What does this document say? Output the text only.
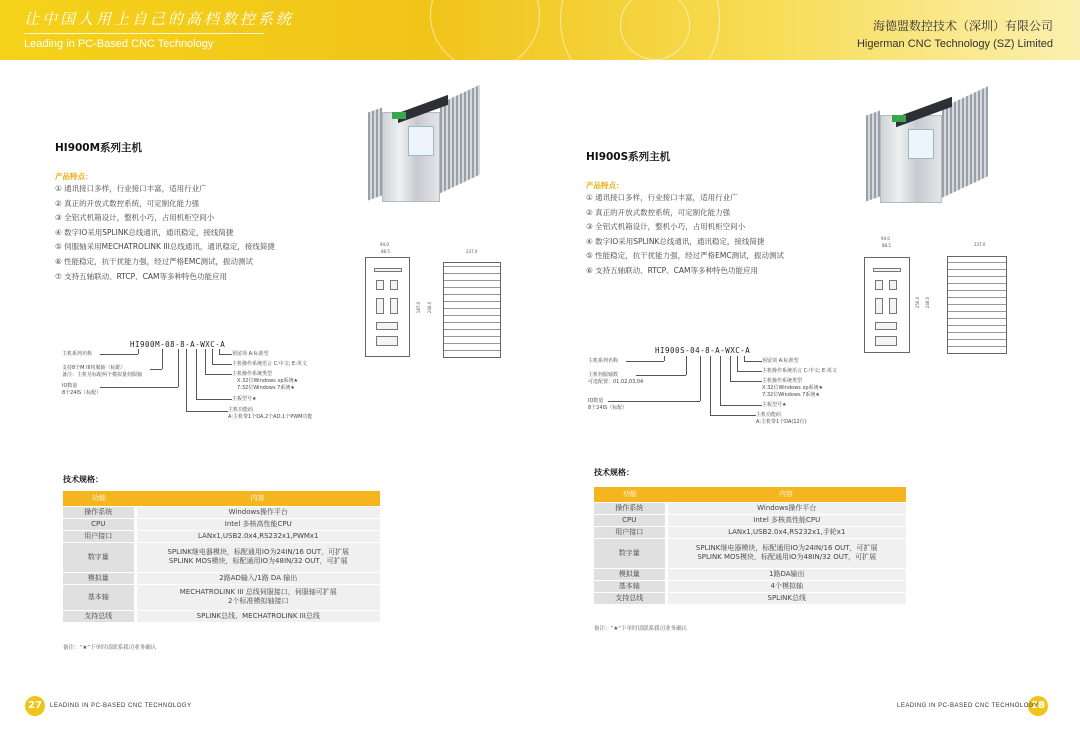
让中国人用上自己的高档数控系统
Leading in PC-Based CNC Technology
海德盟数控技术（深圳）有限公司
Higerman CNC Technology (SZ) Limited
HI900M系列主机
产品特点：
① 通讯接口多样，行业接口丰富，适用行业广
② 真正的开放式数控系统，可定制化能力强
③ 全铝式机箱设计，整机小巧，占用机柜空间小
④ 数字IO采用SPLINK总线通讯，通讯稳定，接线简捷
⑤ 伺服轴采用MECHATROLINK III总线通讯，通讯稳定，接线简捷
⑥ 性能稳定，抗干扰能力强，经过严格EMC测试，振动测试
⑦ 支持五轴联动、RTCP、CAM等多种特色功能应用
94.0
88.5	237.0
187.0 246.0
HI900M-08-8-A-WXC-A
主机系列名称
支持8个M III伺服轴（标配）
备注：主机另标配两个模拟量伺服轴
IO数量
8个24IS（标配）
预留项 A:标准型
主机操作系统语言 C:中文; E:英文
主机操作系统类型
X:32位Windows xp系统★
7:32位Windows 7系统★
主板型号★
主机功能码
A:主机带1个DA,2个AD,1个PWM功能
技术规格：
功能	内容
操作系统	Windows操作平台
CPU	Intel 多核高性能CPU
用户接口	LANx1,USB2.0x4,RS232x1,PWMx1
数字量	SPLINK继电器模块，标配通用IO为24IN/16 OUT，可扩展
SPLINK MOS模块，标配通用IO为48IN/32 OUT，可扩展
模拟量	2路AD输入/1路 DA 输出
基本轴	MECHATROLINK III 总线伺服接口，伺服轴可扩展
2个标准模拟轴接口
支持总线	SPLINK总线、MECHATROLINK III总线
备注：“★”下单时请联系我司业务确认
HI900S系列主机
产品特点：
① 通讯接口多样，行业接口丰富，适用行业广
② 真正的开放式数控系统，可定制化能力强
③ 全铝式机箱设计，整机小巧，占用机柜空间小
④ 数字IO采用SPLINK总线通讯，通讯稳定，接线简捷
⑤ 性能稳定，抗干扰能力强，经过严格EMC测试，振动测试
⑥ 支持五轴联动、RTCP、CAM等多种特色功能应用
94.0
88.5	237.0
250.0 246.0
HI900S-04-8-A-WXC-A
主机系列名称
主机伺服轴数
可选配置：01,02,03,04
IO数量
8个24IS（标配）
预留项 A:标准型
主机操作系统语言 C:中文; E:英文
主机操作系统类型
X:32位Windows xp系统★
7:32位Windows 7系统★
主板型号★
主机功能码
A:主机带1个DA(12位)
技术规格：
功能	内容
操作系统	Windows操作平台
CPU	Intel 多核高性能CPU
用户接口	LANx1,USB2.0x4,RS232x1,手轮x1
数字量	SPLINK继电器模块，标配通用IO为24IN/16 OUT，可扩展
SPLINK MOS模块，标配通用IO为48IN/32 OUT，可扩展
模拟量	1路DA输出
基本轴	4个模拟轴
支持总线	SPLINK总线
备注：“★”下单时请联系我司业务确认
27	LEADING IN PC-BASED CNC TECHNOLOGY	28
LEADING IN PC-BASED CNC TECHNOLOGY
